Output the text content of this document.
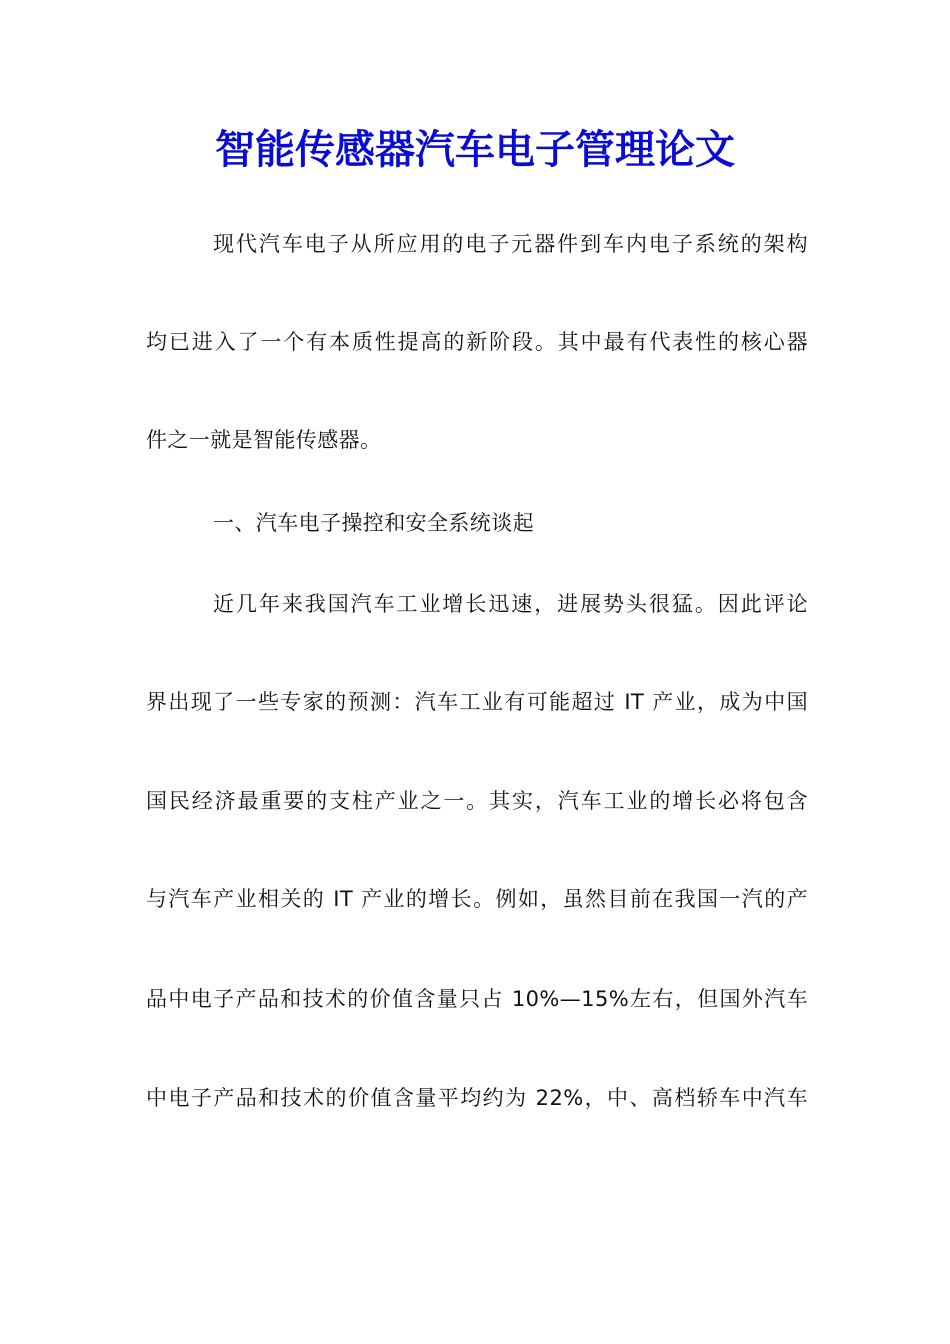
智能传感器汽车电子管理论文
现代汽车电子从所应用的电子元器件到车内电子系统的架构
均已进入了一个有本质性提高的新阶段。其中最有代表性的核心器
件之一就是智能传感器。
一、汽车电子操控和安全系统谈起
近几年来我国汽车工业增长迅速，进展势头很猛。因此评论
界出现了一些专家的预测：汽车工业有可能超过 IT 产业，成为中国
国民经济最重要的支柱产业之一。其实，汽车工业的增长必将包含
与汽车产业相关的 IT 产业的增长。例如，虽然目前在我国一汽的产
品中电子产品和技术的价值含量只占 10%—15%左右，但国外汽车
中电子产品和技术的价值含量平均约为 22%，中、高档轿车中汽车
